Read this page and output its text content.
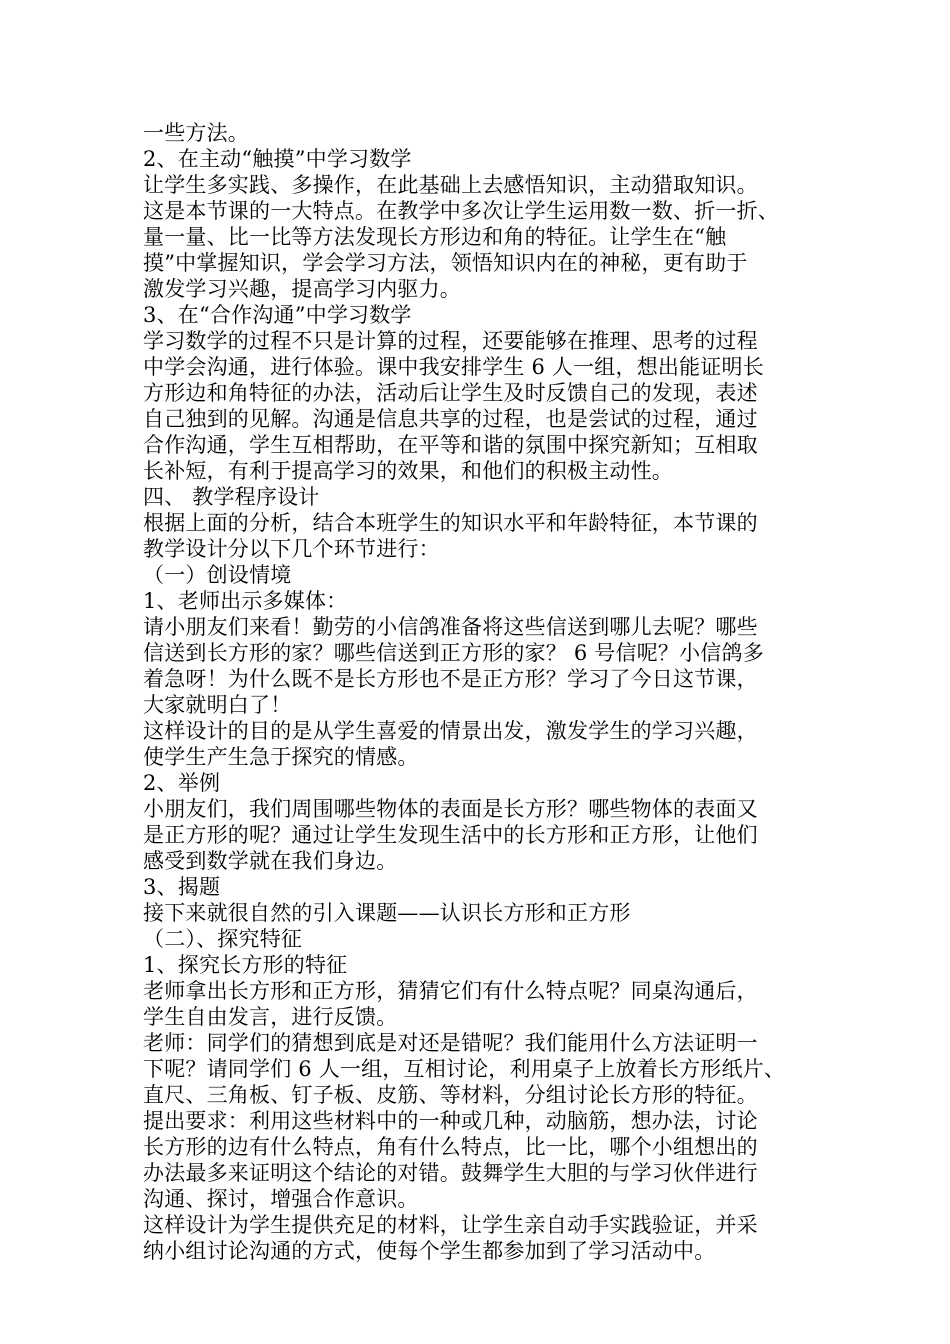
一些方法。
2、在主动“触摸”中学习数学
让学生多实践、多操作，在此基础上去感悟知识，主动猎取知识。
这是本节课的一大特点。在教学中多次让学生运用数一数、折一折、
量一量、比一比等方法发现长方形边和角的特征。让学生在“触
摸”中掌握知识，学会学习方法，领悟知识内在的神秘，更有助于
激发学习兴趣，提高学习内驱力。
3、在“合作沟通”中学习数学
学习数学的过程不只是计算的过程，还要能够在推理、思考的过程
中学会沟通，进行体验。课中我安排学生 6 人一组，想出能证明长
方形边和角特征的办法，活动后让学生及时反馈自己的发现，表述
自己独到的见解。沟通是信息共享的过程，也是尝试的过程，通过
合作沟通，学生互相帮助，在平等和谐的氛围中探究新知；互相取
长补短，有利于提高学习的效果，和他们的积极主动性。
四、 教学程序设计
根据上面的分析，结合本班学生的知识水平和年龄特征，本节课的
教学设计分以下几个环节进行：
（一）创设情境
1、老师出示多媒体：
请小朋友们来看！勤劳的小信鸽准备将这些信送到哪儿去呢？哪些
信送到长方形的家？哪些信送到正方形的家？ 6 号信呢？小信鸽多
着急呀！为什么既不是长方形也不是正方形？学习了今日这节课，
大家就明白了！
这样设计的目的是从学生喜爱的情景出发，激发学生的学习兴趣，
使学生产生急于探究的情感。
2、举例
小朋友们，我们周围哪些物体的表面是长方形？哪些物体的表面又
是正方形的呢？通过让学生发现生活中的长方形和正方形，让他们
感受到数学就在我们身边。
3、揭题
接下来就很自然的引入课题——认识长方形和正方形
（二）、探究特征
1、探究长方形的特征
老师拿出长方形和正方形，猜猜它们有什么特点呢？同桌沟通后，
学生自由发言，进行反馈。
老师：同学们的猜想到底是对还是错呢？我们能用什么方法证明一
下呢？请同学们 6 人一组，互相讨论，利用桌子上放着长方形纸片、
直尺、三角板、钉子板、皮筋、等材料，分组讨论长方形的特征。
提出要求：利用这些材料中的一种或几种，动脑筋，想办法，讨论
长方形的边有什么特点，角有什么特点，比一比，哪个小组想出的
办法最多来证明这个结论的对错。鼓舞学生大胆的与学习伙伴进行
沟通、探讨，增强合作意识。
这样设计为学生提供充足的材料，让学生亲自动手实践验证，并采
纳小组讨论沟通的方式，使每个学生都参加到了学习活动中。
